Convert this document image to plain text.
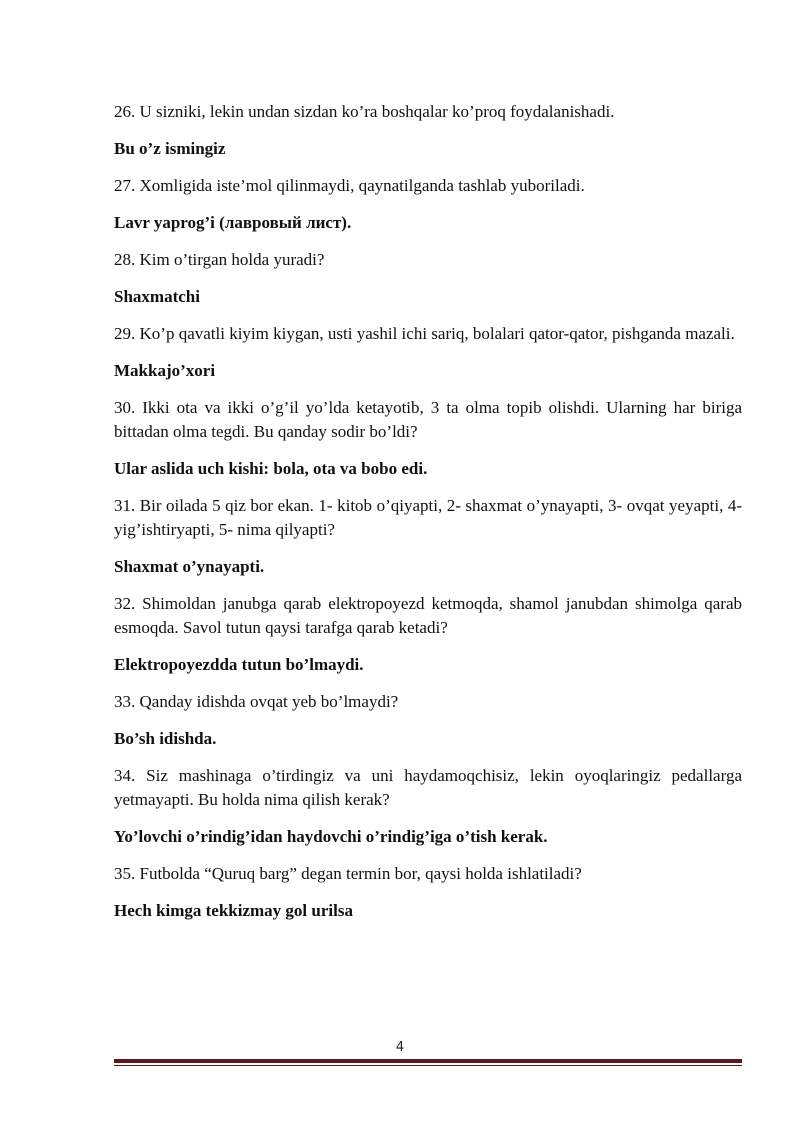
26. U sizniki, lekin undan sizdan ko’ra boshqalar ko’proq foydalanishadi.

Bu o’z ismingiz

27. Xomligida iste’mol qilinmaydi, qaynatilganda tashlab yuboriladi.

Lavr yaprog’i (лавровый лист).

28. Kim o’tirgan holda yuradi?

Shaxmatchi

29. Ko’p qavatli kiyim kiygan, usti yashil ichi sariq, bolalari qator-qator, pishganda mazali.

Makkajo’xori

30. Ikki ota va ikki o’g’il yo’lda ketayotib, 3 ta olma topib olishdi. Ularning har biriga bittadan olma tegdi. Bu qanday sodir bo’ldi?

Ular aslida uch kishi: bola, ota va bobo edi.

31. Bir oilada 5 qiz bor ekan. 1- kitob o’qiyapti, 2- shaxmat o’ynayapti, 3- ovqat yeyapti, 4- yig’ishtiryapti, 5- nima qilyapti?

Shaxmat o’ynayapti.

32. Shimoldan janubga qarab elektropoyezd ketmoqda, shamol janubdan shimolga qarab esmoqda. Savol tutun qaysi tarafga qarab ketadi?

Elektropoyezdda tutun bo’lmaydi.

33. Qanday idishda ovqat yeb bo’lmaydi?

Bo’sh idishda.

34. Siz mashinaga o’tirdingiz va uni haydamoqchisiz, lekin oyoqlaringiz pedallarga yetmayapti. Bu holda nima qilish kerak?

Yo’lovchi o’rindig’idan haydovchi o’rindig’iga o’tish kerak.

35. Futbolda “Quruq barg” degan termin bor, qaysi holda ishlatiladi?

Hech kimga tekkizmay gol urilsa

4
